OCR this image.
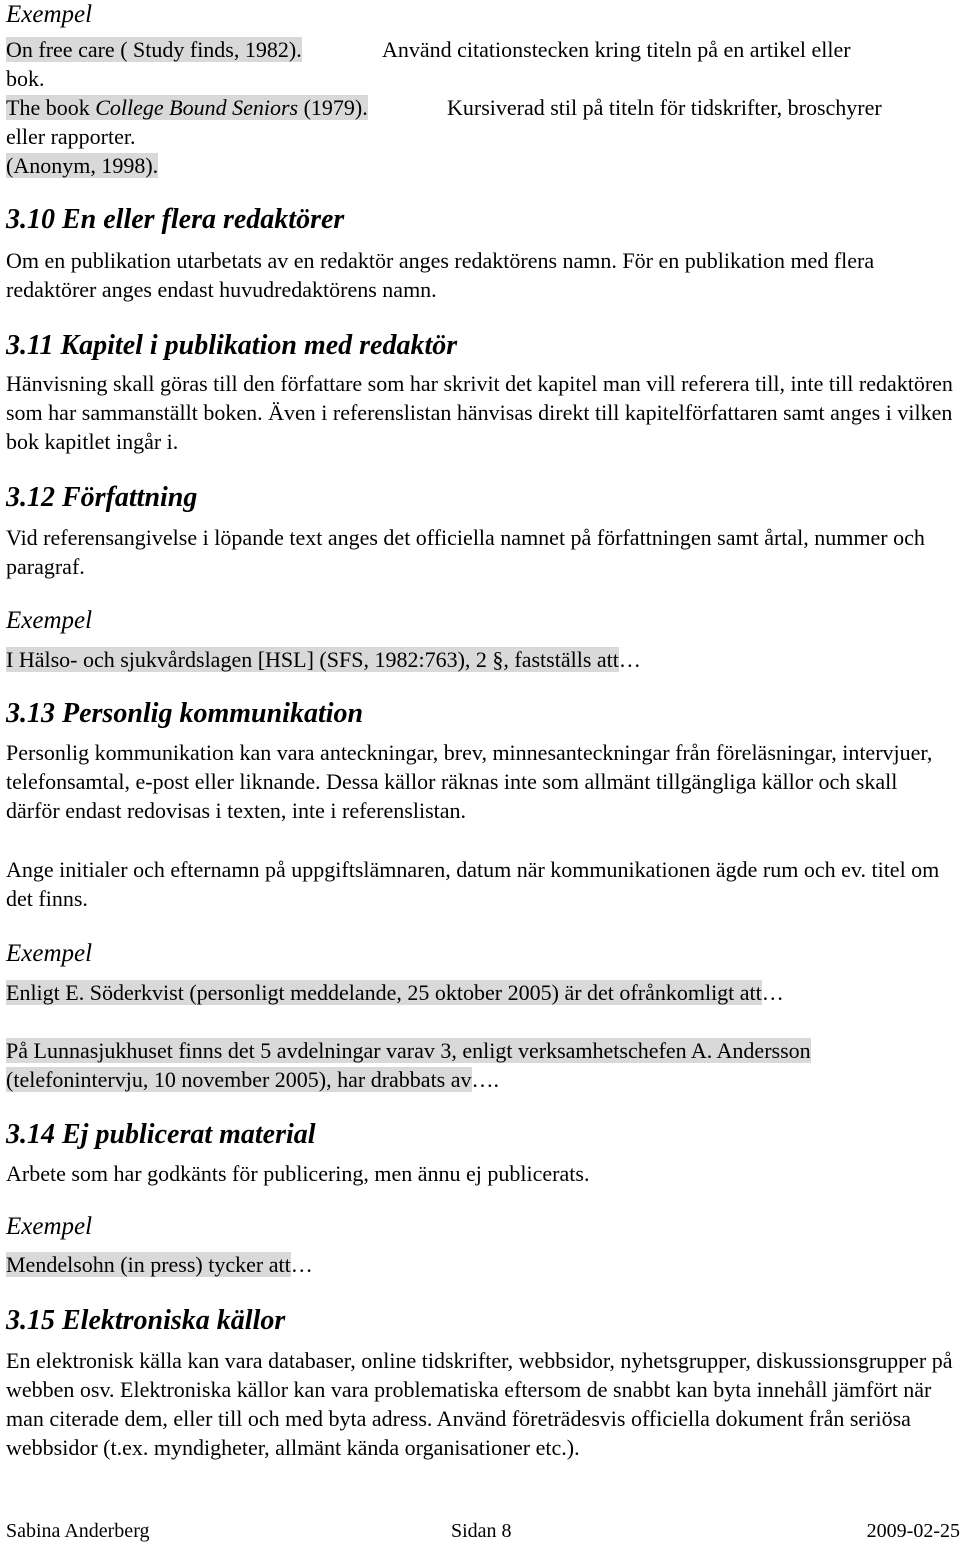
Exempel
On free care ( Study finds, 1982).	Använd citationstecken kring titeln på en artikel eller
bok.
The book College Bound Seniors (1979).	Kursiverad stil på titeln för tidskrifter, broschyrer
eller rapporter.
(Anonym, 1998).
3.10 En eller flera redaktörer

Om en publikation utarbetats av en redaktör anges redaktörens namn. För en publikation med flera redaktörer anges endast huvudredaktörens namn.

3.11 Kapitel i publikation med redaktör

Hänvisning skall göras till den författare som har skrivit det kapitel man vill referera till, inte till redaktören som har sammanställt boken. Även i referenslistan hänvisas direkt till kapitelförfattaren samt anges i vilken bok kapitlet ingår i.

3.12 Författning

Vid referensangivelse i löpande text anges det officiella namnet på författningen samt årtal, nummer och paragraf.

Exempel
I Hälso- och sjukvårdslagen [HSL] (SFS, 1982:763), 2 §, fastställs att…
3.13 Personlig kommunikation

Personlig kommunikation kan vara anteckningar, brev, minnesanteckningar från föreläsningar, intervjuer, telefonsamtal, e-post eller liknande. Dessa källor räknas inte som allmänt tillgängliga källor och skall därför endast redovisas i texten, inte i referenslistan.

Ange initialer och efternamn på uppgiftslämnaren, datum när kommunikationen ägde rum och ev. titel om det finns.

Exempel
Enligt E. Söderkvist (personligt meddelande, 25 oktober 2005) är det ofrånkomligt att…
På Lunnasjukhuset finns det 5 avdelningar varav 3, enligt verksamhetschefen A. Andersson
(telefonintervju, 10 november 2005), har drabbats av….
3.14 Ej publicerat material

Arbete som har godkänts för publicering, men ännu ej publicerats.

Exempel
Mendelsohn (in press) tycker att…
3.15 Elektroniska källor

En elektronisk källa kan vara databaser, online tidskrifter, webbsidor, nyhetsgrupper, diskussionsgrupper på webben osv. Elektroniska källor kan vara problematiska eftersom de snabbt kan byta innehåll jämfört när man citerade dem, eller till och med byta adress. Använd företrädesvis officiella dokument från seriösa webbsidor (t.ex. myndigheter, allmänt kända organisationer etc.).

Sabina Anderberg	Sidan 8	2009-02-25
